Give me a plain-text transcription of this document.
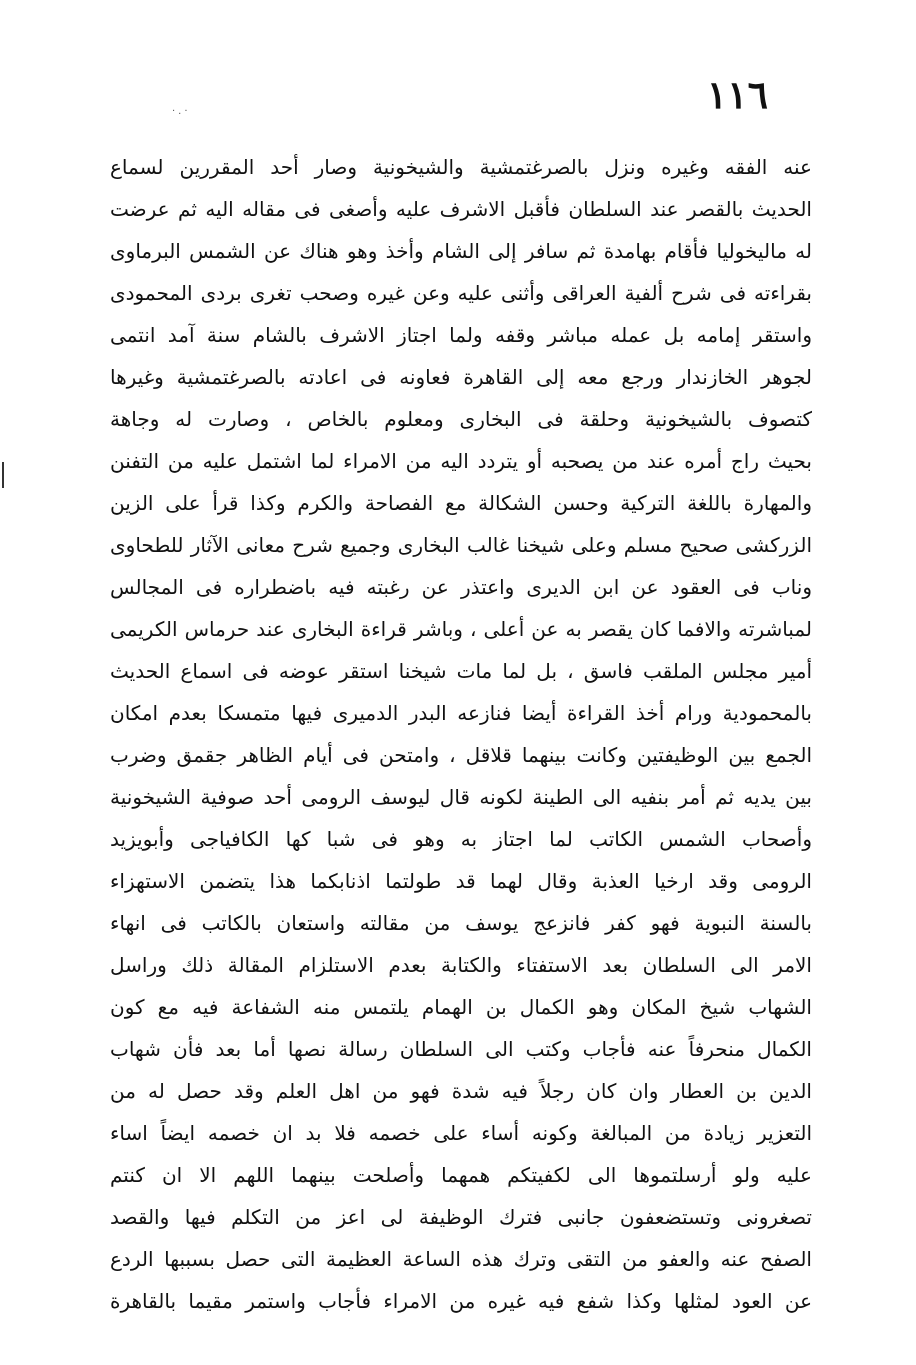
١١٦
·.·
عنه الفقه وغيره ونزل بالصرغتمشية والشيخونية وصار أحد المقررين لسماع
الحديث بالقصر عند السلطان فأقبل الاشرف عليه وأصغى فى مقاله اليه ثم عرضت
له ماليخوليا فأقام بهامدة ثم سافر إلى الشام وأخذ وهو هناك عن الشمس البرماوى
بقراءته فى شرح ألفية العراقى وأثنى عليه وعن غيره وصحب تغرى بردى المحمودى
واستقر إمامه بل عمله مباشر وقفه ولما اجتاز الاشرف بالشام سنة آمد انتمى
لجوهر الخازندار ورجع معه إلى القاهرة فعاونه فى اعادته بالصرغتمشية وغيرها
كتصوف بالشيخونية وحلقة فى البخارى ومعلوم بالخاص ، وصارت له وجاهة
بحيث راج أمره عند من يصحبه أو يتردد اليه من الامراء لما اشتمل عليه من التفنن
والمهارة باللغة التركية وحسن الشكالة مع الفصاحة والكرم وكذا قرأ على الزين
الزركشى صحيح مسلم وعلى شيخنا غالب البخارى وجميع شرح معانى الآثار للطحاوى
وناب فى العقود عن ابن الديرى واعتذر عن رغبته فيه باضطراره فى المجالس
لمباشرته والافما كان يقصر به عن أعلى ، وباشر قراءة البخارى عند حرماس الكريمى
أمير مجلس الملقب فاسق ، بل لما مات شيخنا استقر عوضه فى اسماع الحديث
بالمحمودية ورام أخذ القراءة أيضا فنازعه البدر الدميرى فيها متمسكا بعدم امكان
الجمع بين الوظيفتين وكانت بينهما قلاقل ، وامتحن فى أيام الظاهر جقمق وضرب
بين يديه ثم أمر بنفيه الى الطينة لكونه قال ليوسف الرومى أحد صوفية الشيخونية
وأصحاب الشمس الكاتب لما اجتاز به وهو فى شبا كها الكافياجى وأبويزيد
الرومى وقد ارخيا العذبة وقال لهما قد طولتما اذنابكما هذا يتضمن الاستهزاء
بالسنة النبوية فهو كفر فانزعج يوسف من مقالته واستعان بالكاتب فى انهاء
الامر الى السلطان بعد الاستفتاء والكتابة بعدم الاستلزام المقالة ذلك وراسل
الشهاب شيخ المكان وهو الكمال بن الهمام يلتمس منه الشفاعة فيه مع كون
الكمال منحرفاً عنه فأجاب وكتب الى السلطان رسالة نصها أما بعد فأن شهاب
الدين بن العطار وان كان رجلاً فيه شدة فهو من اهل العلم وقد حصل له من
التعزير زيادة من المبالغة وكونه أساء على خصمه فلا بد ان خصمه ايضاً اساء
عليه ولو أرسلتموها الى لكفيتكم همهما وأصلحت بينهما اللهم الا ان كنتم
تصغرونى وتستضعفون جانبى فترك الوظيفة لى اعز من التكلم فيها والقصد
الصفح عنه والعفو من التقى وترك هذه الساعة العظيمة التى حصل بسببها الردع
عن العود لمثلها وكذا شفع فيه غيره من الامراء فأجاب واستمر مقيما بالقاهرة
